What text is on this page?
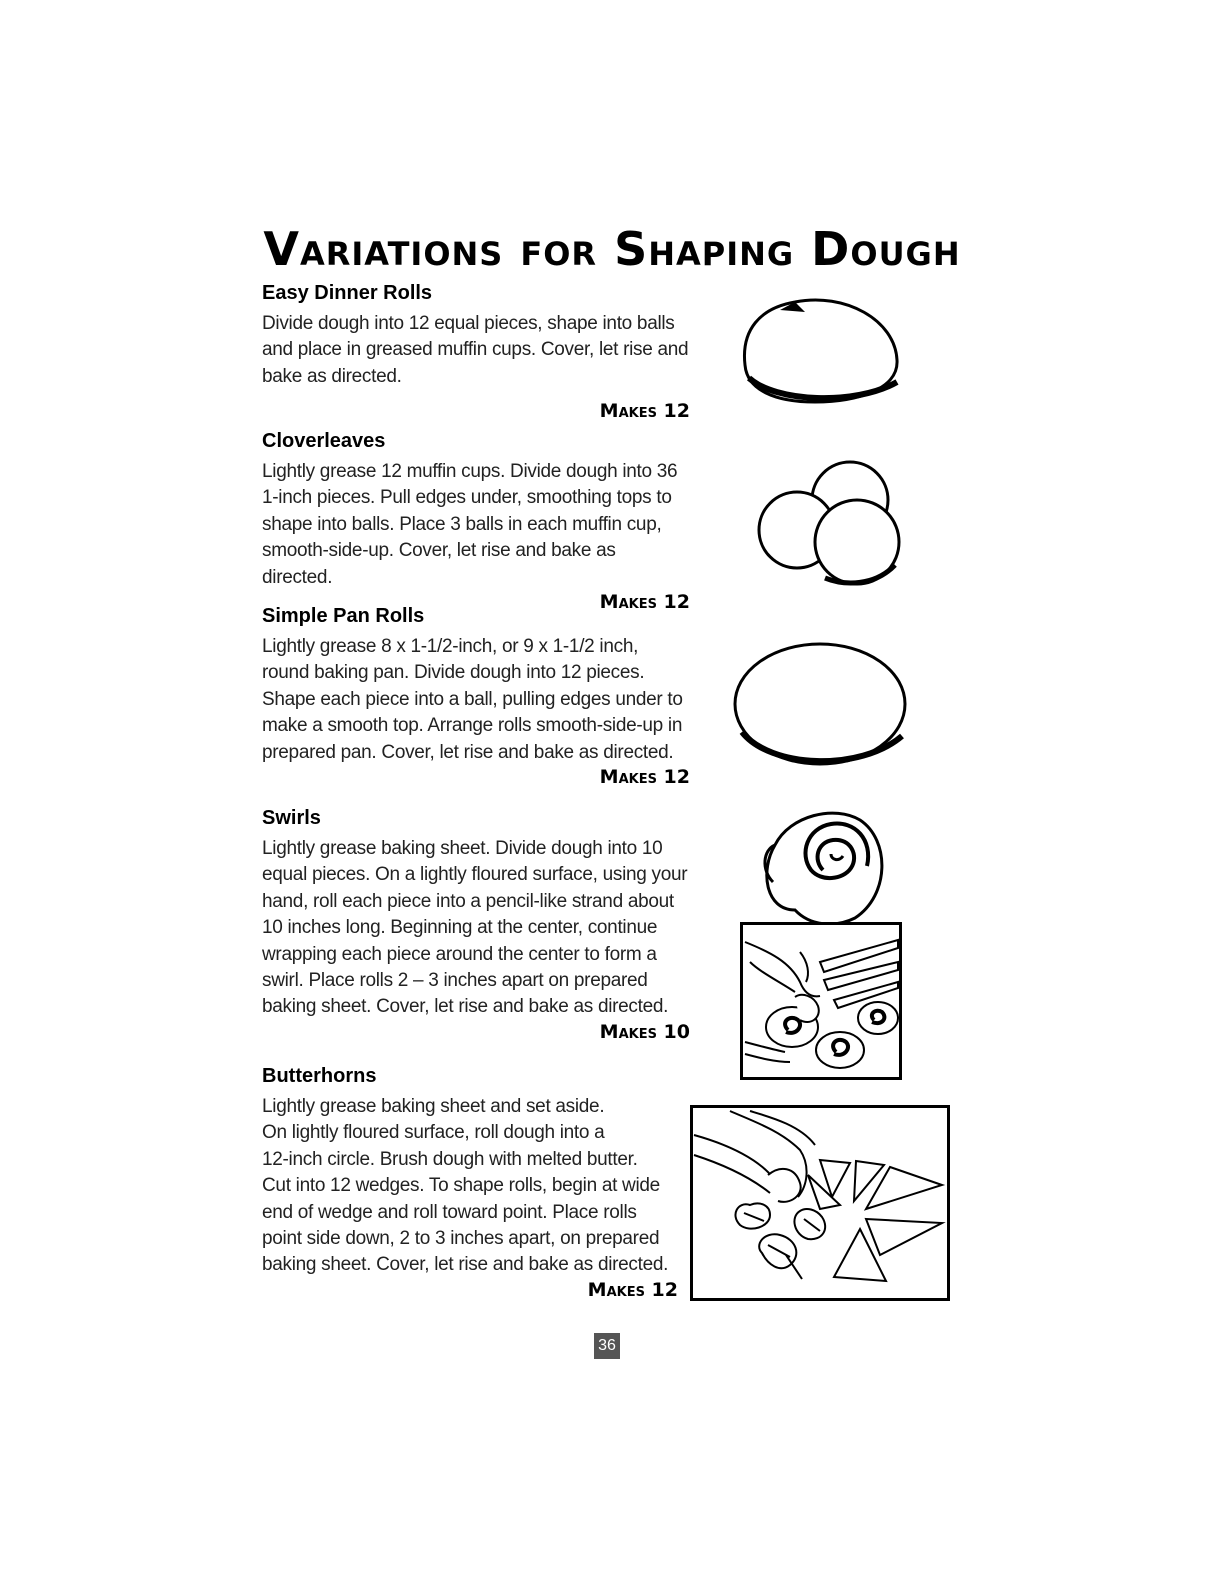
Variations for Shaping Dough
Easy Dinner Rolls
Divide dough into 12 equal pieces, shape into balls
and place in greased muffin cups. Cover, let rise and
bake as directed.
Makes 12
Cloverleaves
Lightly grease 12 muffin cups. Divide dough into 36
1-inch pieces. Pull edges under, smoothing tops to
shape into balls. Place 3 balls in each muffin cup,
smooth-side-up. Cover, let rise and bake as directed.
Makes 12
Simple Pan Rolls
Lightly grease 8 x 1-1/2-inch, or 9 x 1-1/2 inch,
round baking pan. Divide dough into 12 pieces.
Shape each piece into a ball, pulling edges under to
make a smooth top. Arrange rolls smooth-side-up in
prepared pan. Cover, let rise and bake as directed.
Makes 12
Swirls
Lightly grease baking sheet. Divide dough into 10
equal pieces. On a lightly floured surface, using your
hand, roll each piece into a pencil-like strand about
10 inches long. Beginning at the center, continue
wrapping each piece around the center to form a
swirl. Place rolls 2 – 3 inches apart on prepared
baking sheet. Cover, let rise and bake as directed.
Makes 10
Butterhorns
Lightly grease baking sheet and set aside.
On lightly floured surface, roll dough into a
12-inch circle. Brush dough with melted butter.
Cut into 12 wedges. To shape rolls, begin at wide
end of wedge and roll toward point. Place rolls
point side down, 2 to 3 inches apart, on prepared
baking sheet. Cover, let rise and bake as directed.
Makes 12
36
